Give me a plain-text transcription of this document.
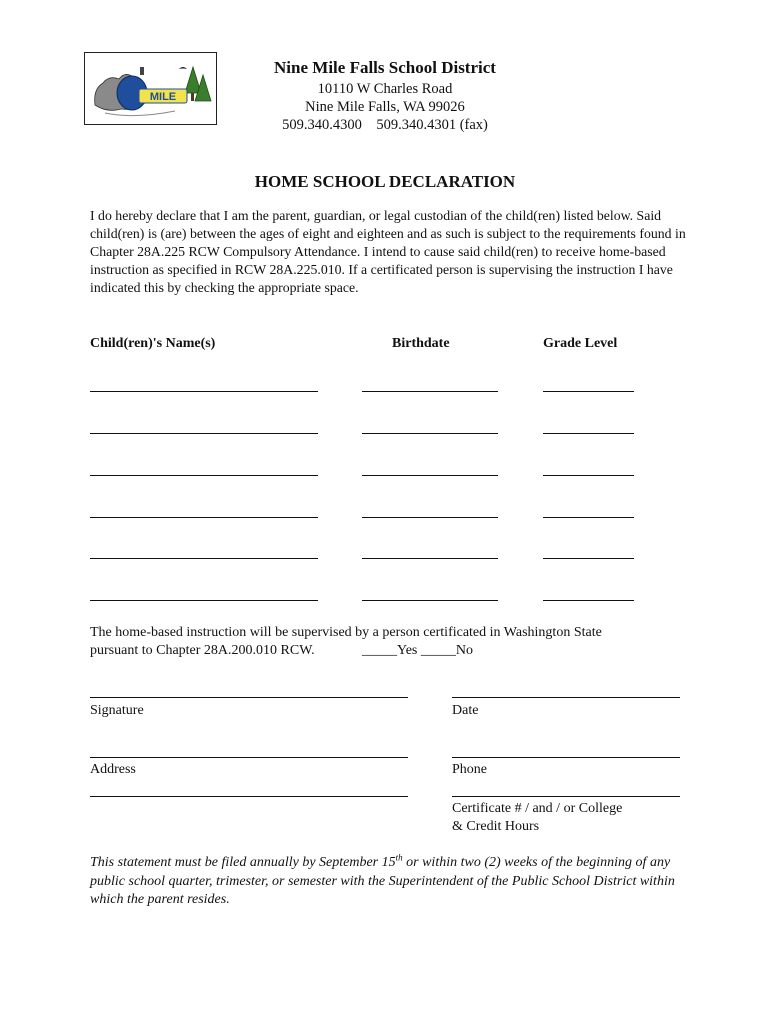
MILE
Nine Mile Falls School District
10110 W Charles Road
Nine Mile Falls, WA 99026
509.340.4300    509.340.4301 (fax)
HOME SCHOOL DECLARATION
I do hereby declare that I am the parent, guardian, or legal custodian of the child(ren) listed below. Said child(ren) is (are) between the ages of eight and eighteen and as such is subject to the requirements found in Chapter 28A.225 RCW Compulsory Attendance. I intend to cause said child(ren) to receive home-based instruction as specified in RCW 28A.225.010. If a certificated person is supervising the instruction I have indicated this by checking the appropriate space.
Child(ren)'s Name(s)	Birthdate	Grade Level
The home-based instruction will be supervised by a person certificated in Washington State
pursuant to Chapter 28A.200.010 RCW.	_____Yes _____No
Signature	Date
Address	Phone
Certificate # / and / or College
& Credit Hours
This statement must be filed annually by September 15th or within two (2) weeks of the beginning of any public school quarter, trimester, or semester with the Superintendent of the Public School District within which the parent resides.
